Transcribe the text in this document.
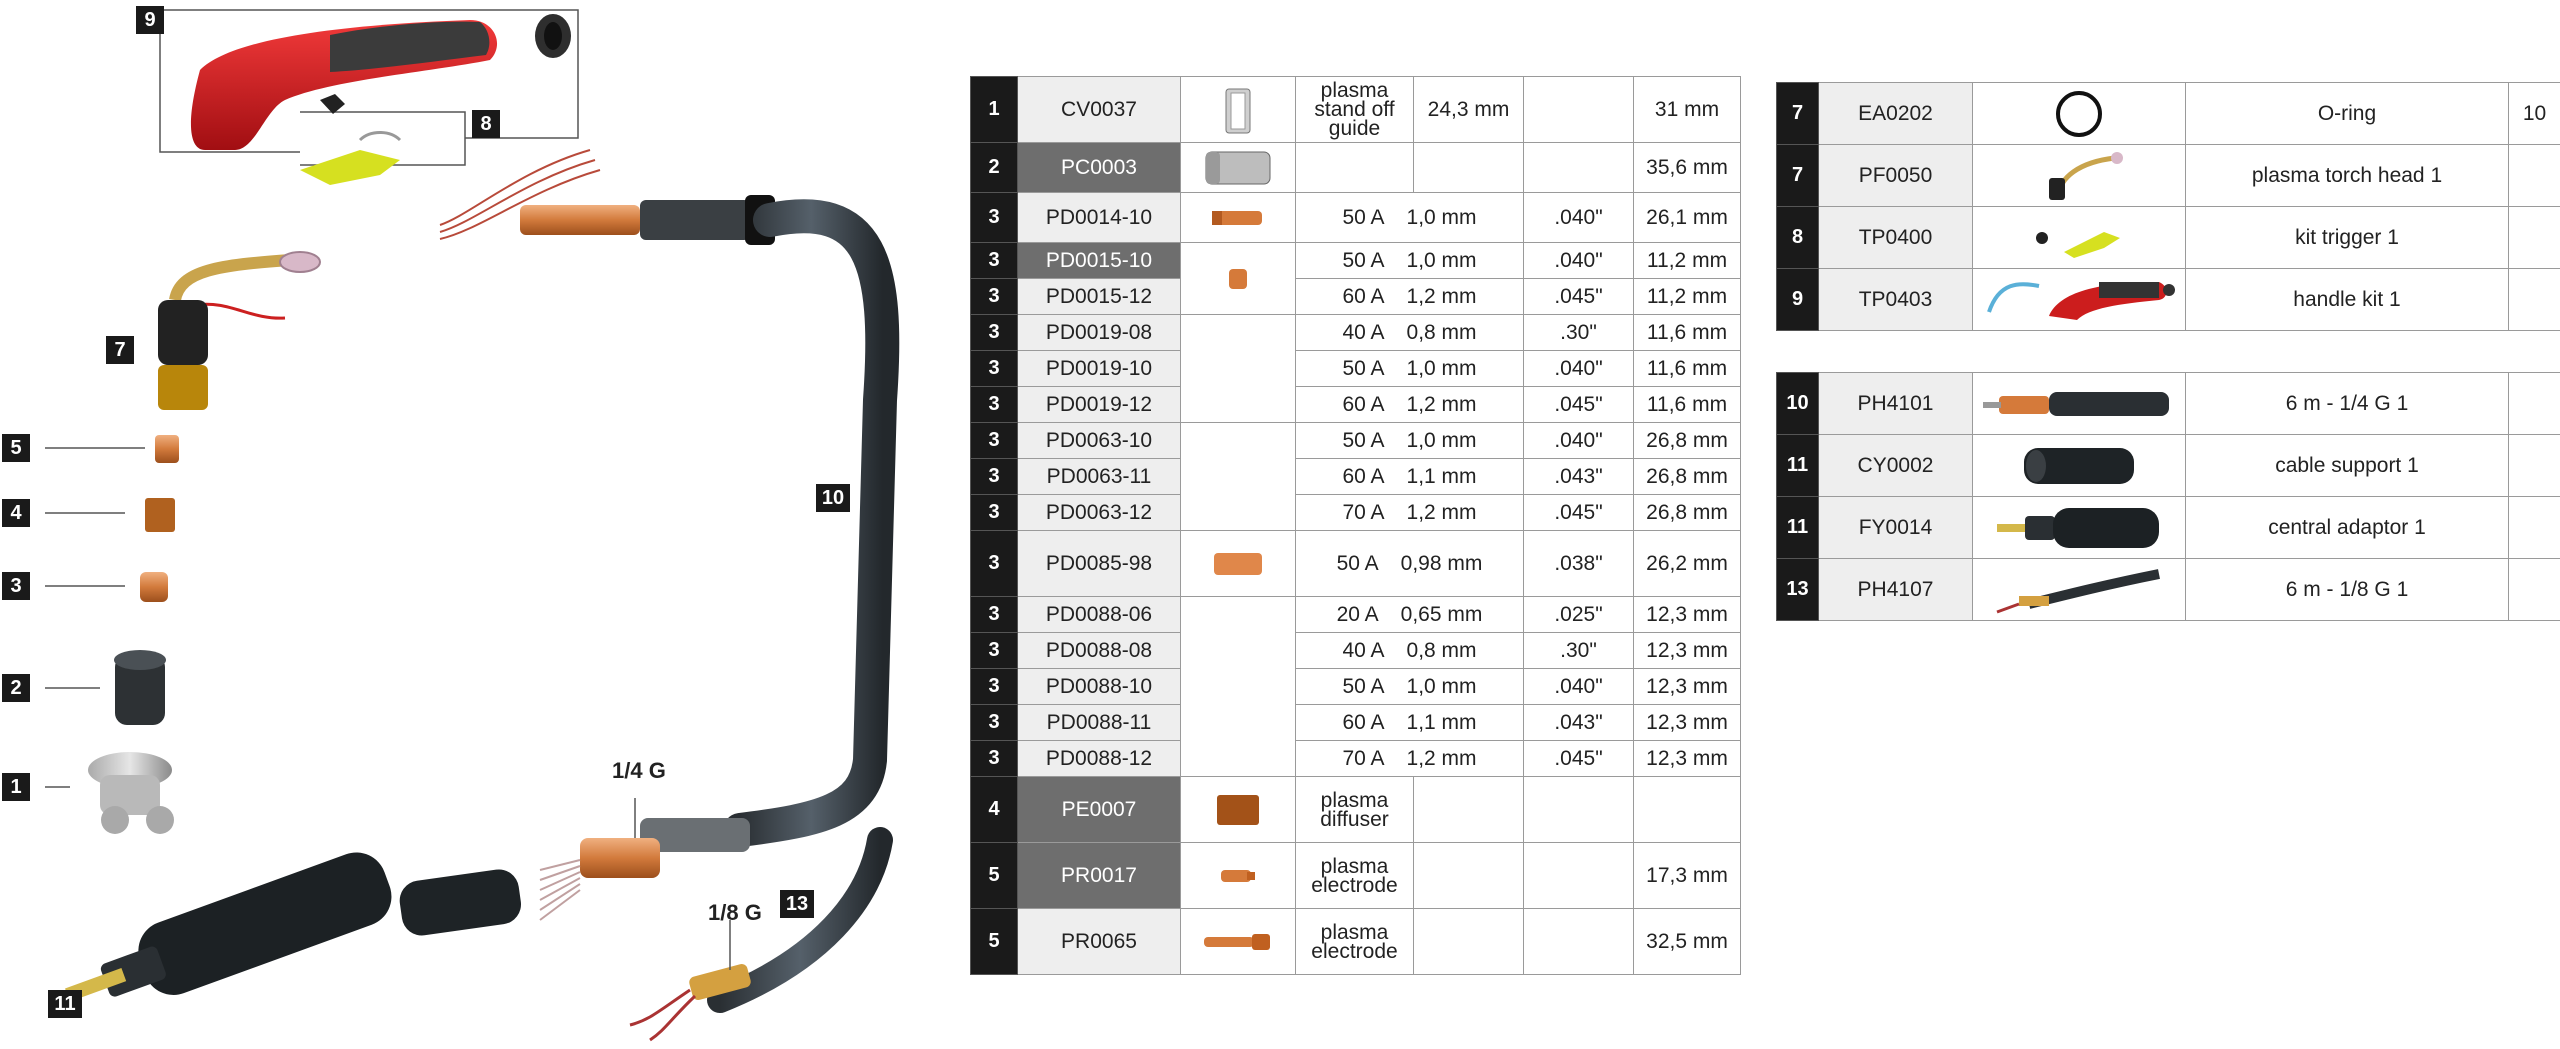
9
8
7
5
4
3
2
1
10
11
13
1/4 G
1/8 G
1	CV0037		plasma stand off guide	24,3 mm		31 mm
2	PC0003					35,6 mm
3	PD0014-10		50 A 1,0 mm		.040"	26,1 mm
3	PD0015-10		50 A 1,0 mm		.040"	11,2 mm
3	PD0015-12		60 A 1,2 mm		.045"	11,2 mm
3	PD0019-08		40 A 0,8 mm		.30"	11,6 mm
3	PD0019-10		50 A 1,0 mm		.040"	11,6 mm
3	PD0019-12		60 A 1,2 mm		.045"	11,6 mm
3	PD0063-10		50 A 1,0 mm		.040"	26,8 mm
3	PD0063-11		60 A 1,1 mm		.043"	26,8 mm
3	PD0063-12		70 A 1,2 mm		.045"	26,8 mm
3	PD0085-98		50 A 0,98 mm		.038"	26,2 mm
3	PD0088-06		20 A 0,65 mm		.025"	12,3 mm
3	PD0088-08		40 A 0,8 mm		.30"	12,3 mm
3	PD0088-10		50 A 1,0 mm		.040"	12,3 mm
3	PD0088-11		60 A 1,1 mm		.043"	12,3 mm
3	PD0088-12		70 A 1,2 mm		.045"	12,3 mm
4	PE0007		plasma diffuser			
5	PR0017		plasma electrode			17,3 mm
5	PR0065		plasma electrode			32,5 mm
7	EA0202		O-ring	10
7	PF0050		plasma torch head 1	
8	TP0400		kit trigger 1	
9	TP0403		handle kit 1	
10	PH4101		6 m - 1/4 G 1	
11	CY0002		cable support 1	
11	FY0014		central adaptor 1	
13	PH4107		6 m - 1/8 G 1	
